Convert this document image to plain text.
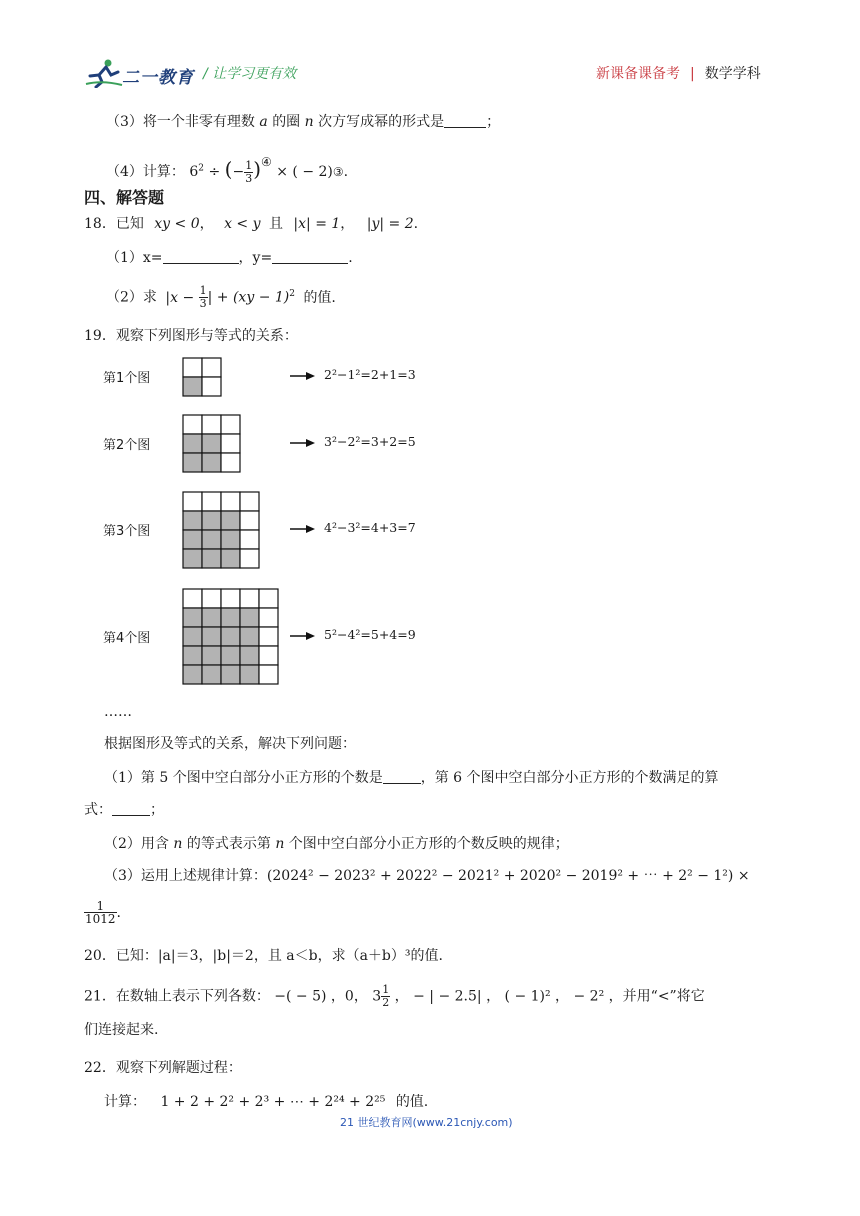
二一教育 / 让学习更有效	新课备课备考 | 数学学科
（3）将一个非零有理数 a 的圈 n 次方写成幂的形式是	；
（4）计算： $6^2$ ÷ (− $\frac{1}{3} )^④$ × ( − 2)③.
四、解答题
18．已知 xy < 0， x < y 且 |x| = 1， |y| = 2.
（1）x=	，y=	.
（2）求 $|x - \frac{1}{3}$ | + (xy − 1)$^2$ 的值.
19．观察下列图形与等式的关系：
第1个图	2²−1²=2+1=3
第2个图	3²−2²=3+2=5
第3个图	4²−3²=4+3=7
第4个图	5²−4²=5+4=9
……
根据图形及等式的关系，解决下列问题：
（1）第 5 个图中空白部分小正方形的个数是	，第 6 个图中空白部分小正方形的个数满足的算
式：	；
（2）用含 n 的等式表示第 n 个图中空白部分小正方形的个数反映的规律；
（3）运用上述规律计算：(2024² − 2023² + 2022² − 2021² + 2020² − 2019² + ⋯ + 2² − 1²) ×
$\frac{1}{1012}$ .
20．已知：|a|＝3，|b|＝2，且 a＜b，求（a＋b）³的值.
21．在数轴上表示下列各数： −( − 5) ，0， $3 \frac{1}{2}$ ， − | − 2.5| ， ( − 1)² ， − 2² ，并用“<”将它
们连接起来.
22．观察下列解题过程：
计算： 1 + 2 + 2² + 2³ + ⋯ + 2²⁴ + 2²⁵ 的值.
21 世纪教育网(www.21cnjy.com)
